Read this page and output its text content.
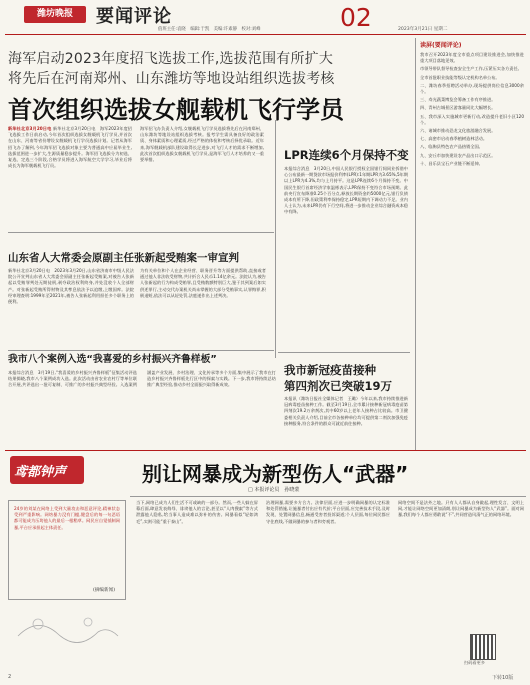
潍坊晚报	要闻评论
值班主任:袁晓　编辑:于凯　美编:许素静　校对:刘峰	02	2023年3月21日 星期二
海军启动2023年度招飞选拔工作,选拔范围有所扩大
将先后在河南郑州、山东潍坊等地设站组织选拔考核
首次组织选拔女舰载机飞行学员
新华社北京3月20日电 新华社北京3月20日电　海军2023年度招飞选拔工作日前启动,今年首次组织选拔女舰载机飞行学员,并首次在山东、河南等省份增设女舰载机飞行学员选拔计划。记者从海军招飞办了解到,今年海军招飞选拔对象主要为普通高中应届毕业生,选拔范围进一步扩大,生源质量稳步提升。海军招飞选拔分为初选、复选、定选三个阶段,合格学员将进入海军航空大学学习,毕业后将成长为海军舰载机飞行员。
海军招飞办负责人介绍,女舰载机飞行学员选拔将先后在河南郑州、山东潍坊等地设站组织选拔考核。报考学生需具备良好的政治素质、身体素质和心理素质,经过严格的体检和考核后择优录取。近年来,海军舰载机部队建设取得长足进步,对飞行人才的需求不断增加,此次首次组织选拔女舰载机飞行学员,是海军飞行人才培养的又一重要举措。	LPR连续6个月保持不变
本报综合消息　3月20日,中国人民银行授权全国银行间同业拆借中心公布最新一期贷款市场报价利率(LPR):1年期LPR为3.65%,5年期以上LPR为4.3%,均与上月持平。这是LPR连续6个月保持不变。中国民生银行首席经济学家温彬表示,LPR保持不变符合市场预期。此前央行宣布降准0.25个百分点,释放长期资金约5000亿元,银行负债成本有所下降,但政策利率保持稳定,LPR短期内下调动力不足。业内人士认为,未来LPR仍有下行空间,将进一步推动企业综合融资成本稳中有降。
山东省人大常委会原副主任张新起受贿案一审宣判
新华社北京3月20日电　2023年3月20日,山东省济南市中级人民法院公开宣判山东省人大常委会原副主任张新起受贿案,对被告人张新起以受贿罪判处无期徒刑,剥夺政治权利终身,并处没收个人全部财产。对张新起受贿所得财物及其孳息依法予以追缴,上缴国库。法院经审理查明:1999年至2021年,被告人张新起利用担任多个职务上的便利。
为有关单位和个人在企业经营、职务晋升等方面提供帮助,直接或者通过他人非法收受财物,共计折合人民币1.14亿余元。法院认为,被告人张新起的行为构成受贿罪,且受贿数额特别巨大,鉴于其到案后如实供述罪行,主动交代办案机关尚未掌握的大部分受贿事实,认罪悔罪,积极退赃,依法可以从轻处罚,法庭遂作出上述判决。
我市八个案例入选“我喜爱的乡村振兴齐鲁样板”
本报综合消息　3月19日,“我喜爱的乡村振兴齐鲁样板”征集活动评选结果揭晓,我市八个案例成功入选。此次活动由省农业农村厅等单位联合开展,共评选出一批可复制、可推广的乡村振兴典型经验。入选案例涵盖产业发展、乡村治理、文化传承等多个方面,集中展示了我市在打造乡村振兴齐鲁样板先行区中的探索与实践。下一步,我市将持续总结推广典型经验,推动乡村全面振兴取得新成效。
我市新冠疫苗接种
第四剂次已突破19万
本报讯（潍坊日报社全媒体记者　王璐）今年以来,我市持续推进新冠病毒疫苗接种工作。截至3月19日,全市累计接种新冠病毒疫苗第四剂次19.2万余剂次,其中60岁以上老年人接种占比较高。市卫健委相关负责人介绍,目前全市各接种单位均可提供第二剂次加强免疫接种服务,符合条件的群众可就近前往接种。
读屏(要闻评论)
我市召开2023年度全市重点项目建设推进会,加快推进重大项目落地见效。
市领导带队督导检查安全生产工作,压紧压实各方责任。
全市首批职业技能等级认定机构名单公布。
二、潍坊春季招聘活动举办,现场提供岗位信息3000余个。
三、寿光蔬菜博览会筹备工作有序推进。
四、青州古城景区游客量同比大幅增长。
五、我市深入实施城市更新行动,改造提升老旧小区120个。
六、诸城市推动恐龙文化旅游融合发展。
七、高密市启动春季植树造林活动。
八、临朐县特色农产品热销全国。
九、安丘市加快建设农产品出口示范区。
十、昌乐县宝石产业链不断延伸。
鸢都钟声	别让网暴成为新型伤人“武器”
□ 本报评论员　孙晓蒙
24岁的刘某在网络上受到大量攻击和恶意评论,精神状态受到严重影响。网络暴力没有门槛,键盘后的每一句恶语都可能成为压垮他人的最后一根稻草。网民应自觉抵制网暴,平台应承担起主体责任。
(摘编新闻)
当下,网络已成为人们生活不可或缺的一部分。然而,一些人躲在屏幕后面,肆意发表侮辱、诽谤他人的言论,甚至以“人肉搜索”等方式泄露他人隐私,给当事人造成难以弥补的伤害。网暴看似“轻如鸿毛”,实则可能“重于泰山”。
治理网暴,需要多方合力。法律层面,应进一步明确网暴的认定标准和处罚措施,让施暴者付出应有代价;平台层面,应完善技术手段,及时发现、处置网暴信息,畅通受害者投诉渠道;个人层面,每位网民都应守住底线,不做网暴的参与者和旁观者。
网络空间不是法外之地。只有人人都从自身做起,理性发言、文明上网,才能让网络空间更加清朗,别让网暴成为新型伤人“武器”。面对网暴,我们每个人都应勇敢说“不”,共同营造风清气正的网络环境。
扫码看更多
2	下转10版
